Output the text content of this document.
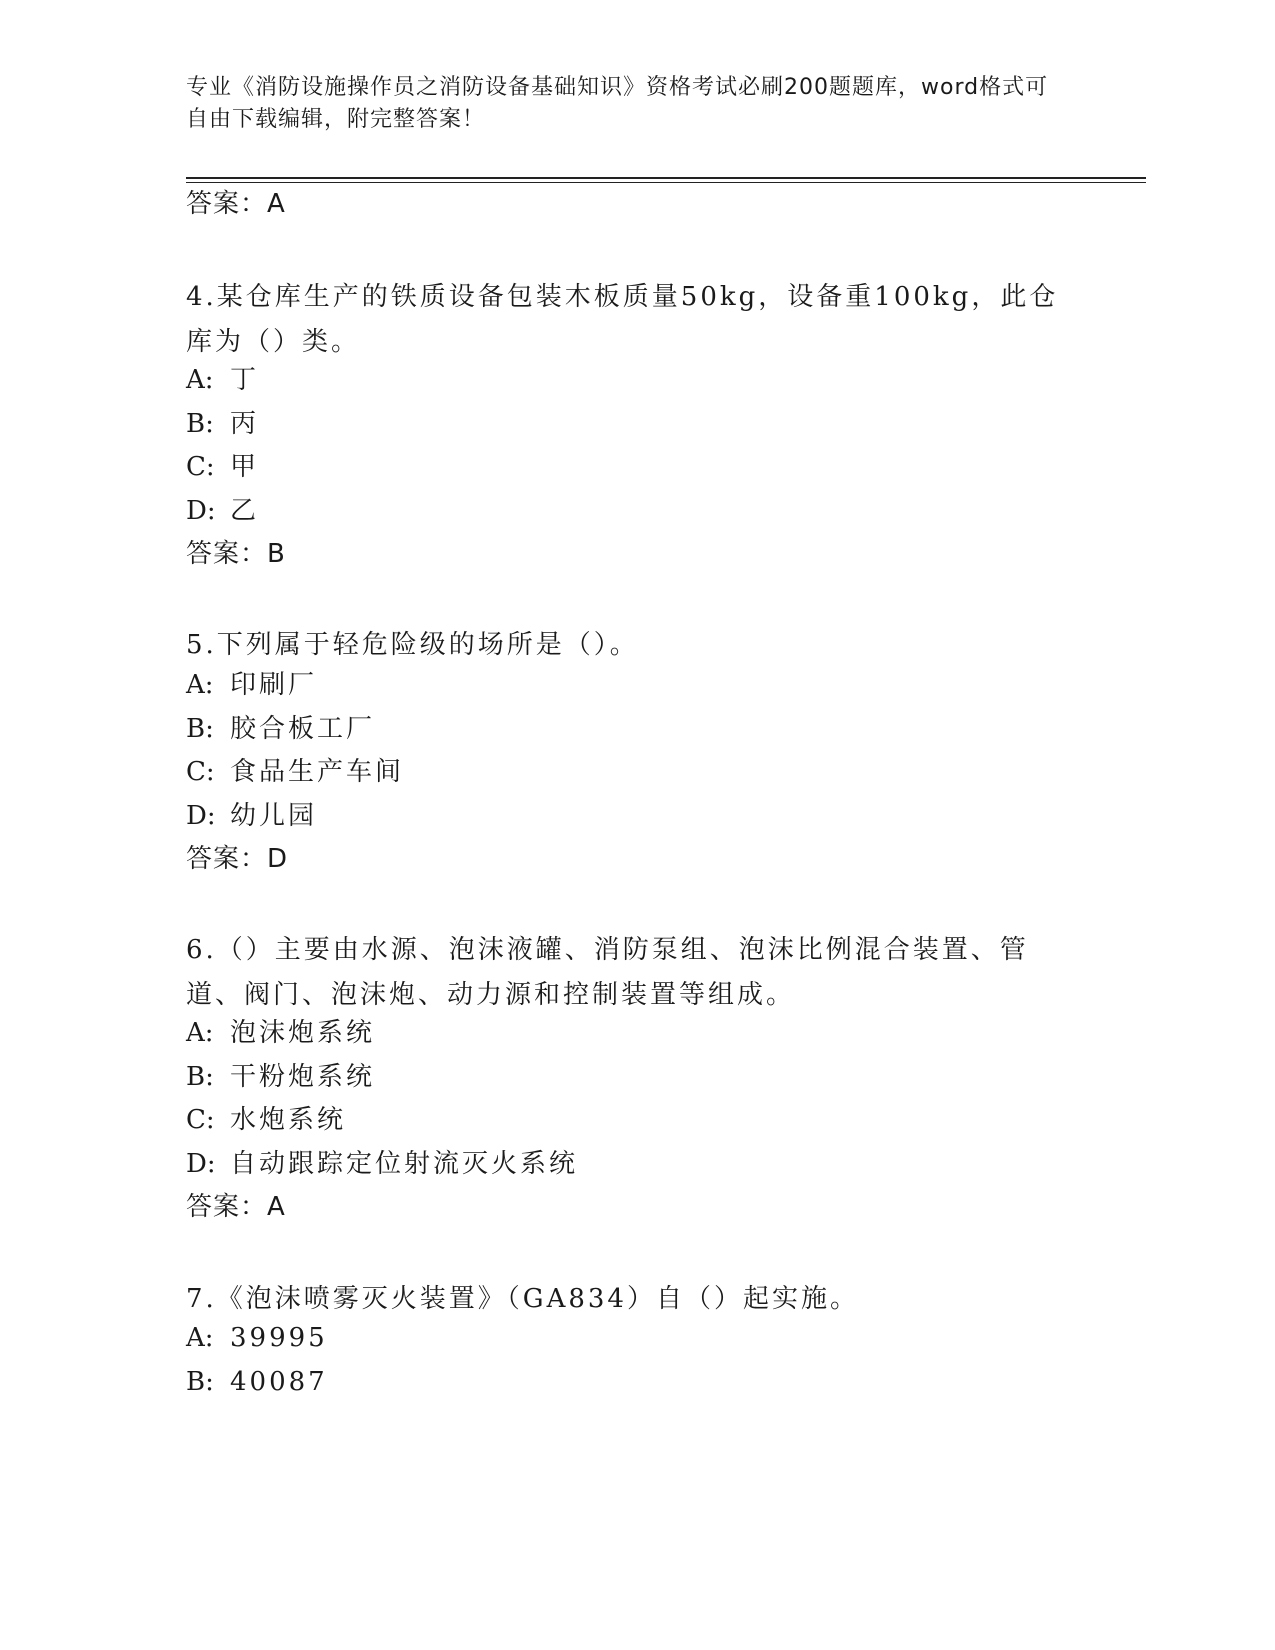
专业《消防设施操作员之消防设备基础知识》资格考试必刷200题题库，word格式可自由下载编辑，附完整答案！
答案：A
4.某仓库生产的铁质设备包装木板质量50kg，设备重100kg，此仓库为（）类。
A: 丁
B: 丙
C: 甲
D: 乙
答案：B
5.下列属于轻危险级的场所是（）。
A: 印刷厂
B: 胶合板工厂
C: 食品生产车间
D: 幼儿园
答案：D
6.（）主要由水源、泡沫液罐、消防泵组、泡沫比例混合装置、管道、阀门、泡沫炮、动力源和控制装置等组成。
A: 泡沫炮系统
B: 干粉炮系统
C: 水炮系统
D: 自动跟踪定位射流灭火系统
答案：A
7.《泡沫喷雾灭火装置》（GA834）自（）起实施。
A: 39995
B: 40087
